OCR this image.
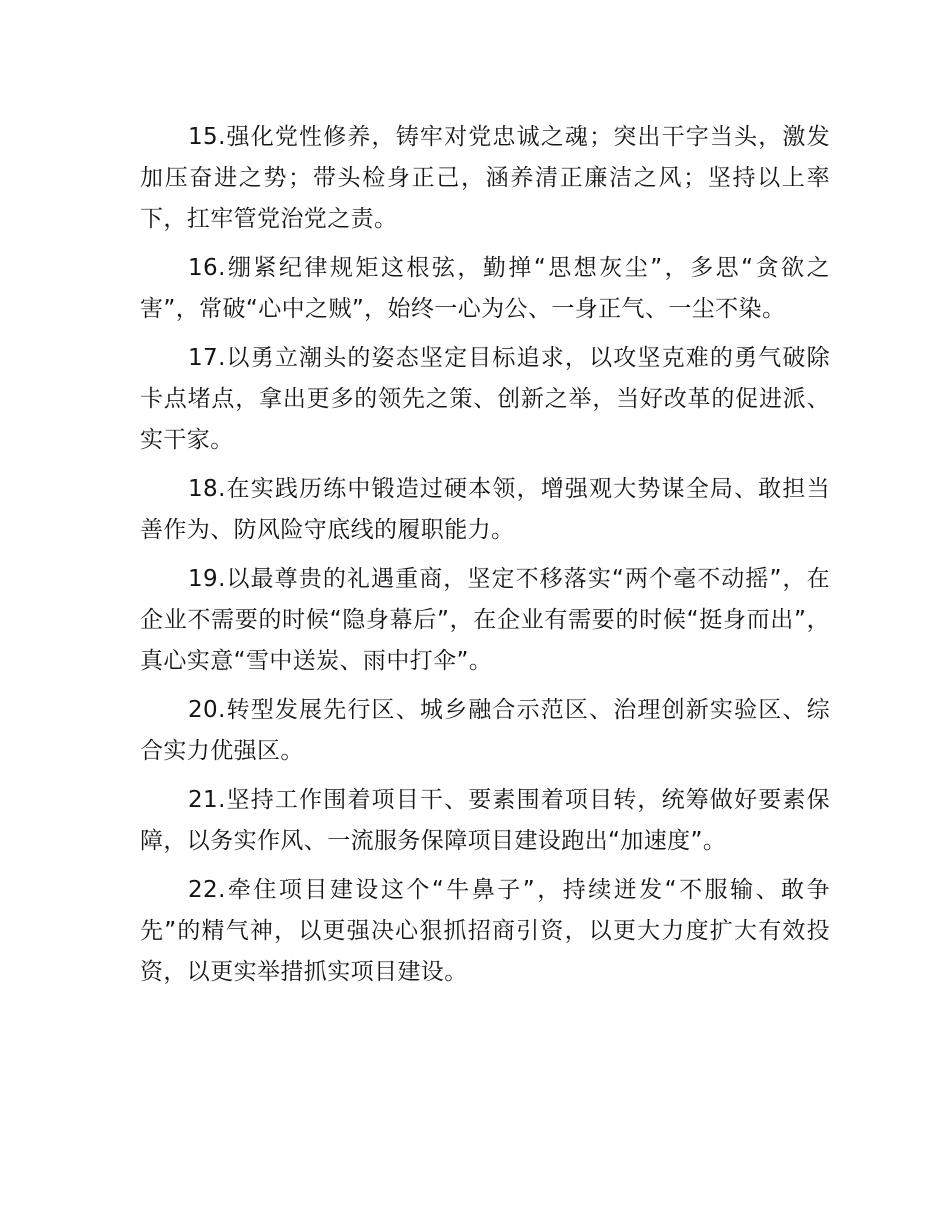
15.强化党性修养，铸牢对党忠诚之魂；突出干字当头，激发加压奋进之势；带头检身正己，涵养清正廉洁之风；坚持以上率下，扛牢管党治党之责。

16.绷紧纪律规矩这根弦，勤掸“思想灰尘”，多思“贪欲之害”，常破“心中之贼”，始终一心为公、一身正气、一尘不染。

17.以勇立潮头的姿态坚定目标追求，以攻坚克难的勇气破除卡点堵点，拿出更多的领先之策、创新之举，当好改革的促进派、实干家。

18.在实践历练中锻造过硬本领，增强观大势谋全局、敢担当善作为、防风险守底线的履职能力。

19.以最尊贵的礼遇重商，坚定不移落实“两个毫不动摇”，在企业不需要的时候“隐身幕后”，在企业有需要的时候“挺身而出”，真心实意“雪中送炭、雨中打伞”。

20.转型发展先行区、城乡融合示范区、治理创新实验区、综合实力优强区。

21.坚持工作围着项目干、要素围着项目转，统筹做好要素保障，以务实作风、一流服务保障项目建设跑出“加速度”。

22.牵住项目建设这个“牛鼻子”，持续迸发“不服输、敢争先”的精气神，以更强决心狠抓招商引资，以更大力度扩大有效投资，以更实举措抓实项目建设。
